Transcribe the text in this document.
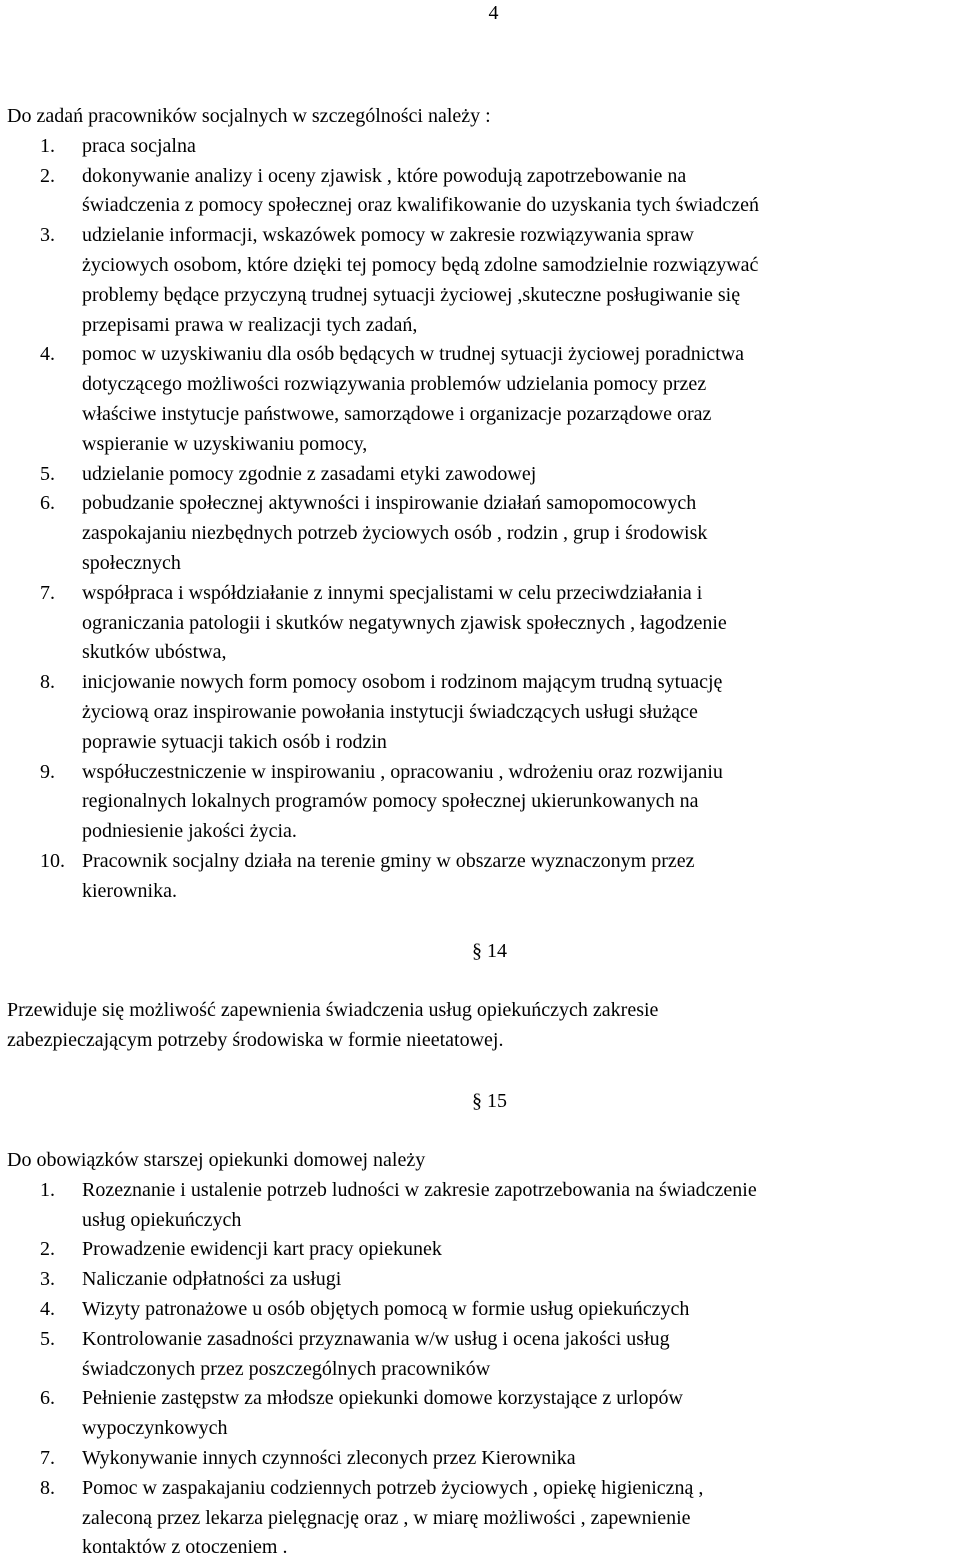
4

Do zadań pracowników socjalnych w szczególności należy :

1. praca socjalna
2. dokonywanie analizy i oceny zjawisk , które powodują zapotrzebowanie na
świadczenia z pomocy społecznej oraz kwalifikowanie do uzyskania tych świadczeń
3. udzielanie informacji, wskazówek pomocy w zakresie rozwiązywania spraw
życiowych osobom, które dzięki tej pomocy będą zdolne samodzielnie rozwiązywać
problemy będące przyczyną trudnej sytuacji życiowej ,skuteczne posługiwanie się
przepisami prawa w realizacji tych zadań,
4. pomoc w uzyskiwaniu dla osób będących w trudnej sytuacji życiowej poradnictwa
dotyczącego możliwości rozwiązywania problemów udzielania pomocy przez
właściwe instytucje państwowe, samorządowe i organizacje pozarządowe oraz
wspieranie w uzyskiwaniu pomocy,
5. udzielanie pomocy zgodnie z zasadami etyki zawodowej
6. pobudzanie społecznej aktywności i inspirowanie działań samopomocowych
zaspokajaniu niezbędnych potrzeb życiowych osób , rodzin , grup i środowisk
społecznych
7. współpraca i współdziałanie z innymi specjalistami w celu przeciwdziałania i
ograniczania patologii i skutków negatywnych zjawisk społecznych , łagodzenie
skutków ubóstwa,
8. inicjowanie nowych form pomocy osobom i rodzinom mającym trudną sytuację
życiową oraz inspirowanie powołania instytucji świadczących usługi służące
poprawie sytuacji takich osób i rodzin
9. współuczestniczenie w inspirowaniu , opracowaniu , wdrożeniu oraz rozwijaniu
regionalnych lokalnych programów pomocy społecznej ukierunkowanych na
podniesienie jakości życia.
10. Pracownik socjalny działa na terenie gminy w obszarze wyznaczonym przez
kierownika.
§ 14
Przewiduje się możliwość zapewnienia świadczenia usług opiekuńczych zakresie
zabezpieczającym potrzeby środowiska w formie nieetatowej.
§ 15

Do obowiązków starszej opiekunki domowej należy

1. Rozeznanie i ustalenie potrzeb ludności w zakresie zapotrzebowania na świadczenie
usług opiekuńczych
2. Prowadzenie ewidencji kart pracy opiekunek
3. Naliczanie odpłatności za usługi
4. Wizyty patronażowe u osób objętych pomocą w formie usług opiekuńczych
5. Kontrolowanie zasadności przyznawania w/w usług i ocena jakości usług
świadczonych przez poszczególnych pracowników
6. Pełnienie zastępstw za młodsze opiekunki domowe korzystające z urlopów
wypoczynkowych
7. Wykonywanie innych czynności zleconych przez Kierownika
8. Pomoc w zaspakajaniu codziennych potrzeb życiowych , opiekę higieniczną ,
zaleconą przez lekarza pielęgnację oraz , w miarę możliwości , zapewnienie
kontaktów z otoczeniem .
